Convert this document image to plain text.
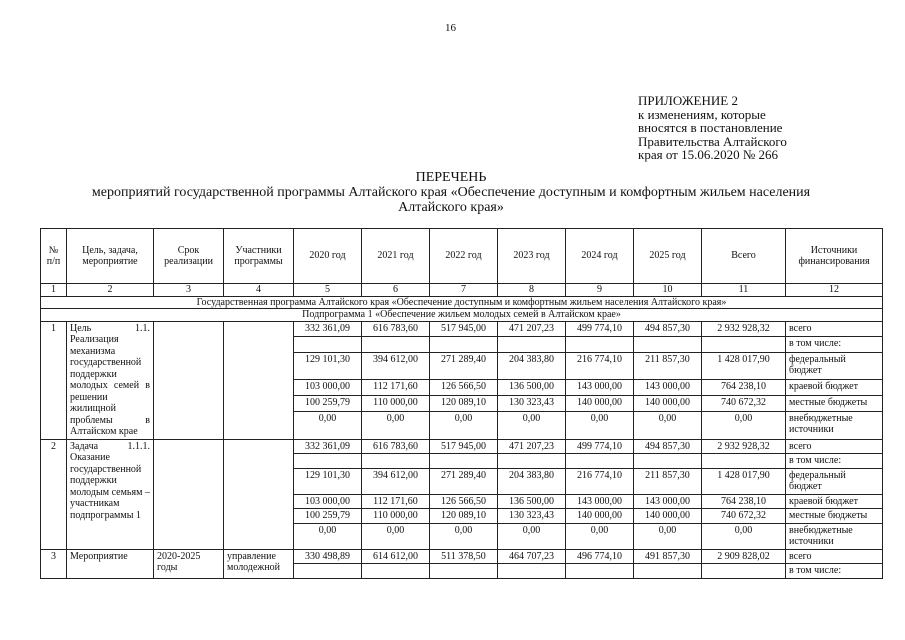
16
ПРИЛОЖЕНИЕ 2
к изменениям, которые
вносятся в постановление
Правительства Алтайского
края от 15.06.2020 № 266
ПЕРЕЧЕНЬ
мероприятий государственной программы Алтайского края «Обеспечение доступным и комфортным жильем населения
Алтайского края»
№ п/п	Цель, задача, мероприятие	Срок реализации	Участники программы	2020 год	2021 год	2022 год	2023 год	2024 год	2025 год	Всего	Источники финансирования
1	2	3	4	5	6	7	8	9	10	11	12
Государственная программа Алтайского края «Обеспечение доступным и комфортным жильем населения Алтайского края»											
Подпрограмма 1 «Обеспечение жильем молодых семей в Алтайском крае»											
1	Цель 1.1. Реализация механизма государственной поддержки молодых семей в решении жилищной проблемы в Алтайском крае			332 361,09	616 783,60	517 945,00	471 207,23	499 774,10	494 857,30	2 932 928,32	всего
											в том числе:
				129 101,30	394 612,00	271 289,40	204 383,80	216 774,10	211 857,30	1 428 017,90	федеральный бюджет
				103 000,00	112 171,60	126 566,50	136 500,00	143 000,00	143 000,00	764 238,10	краевой бюджет
				100 259,79	110 000,00	120 089,10	130 323,43	140 000,00	140 000,00	740 672,32	местные бюджеты
				0,00	0,00	0,00	0,00	0,00	0,00	0,00	внебюджетные источники
2	Задача 1.1.1. Оказание государственной поддержки молодым семьям – участникам подпрограммы 1			332 361,09	616 783,60	517 945,00	471 207,23	499 774,10	494 857,30	2 932 928,32	всего
											в том числе:
				129 101,30	394 612,00	271 289,40	204 383,80	216 774,10	211 857,30	1 428 017,90	федеральный бюджет
				103 000,00	112 171,60	126 566,50	136 500,00	143 000,00	143 000,00	764 238,10	краевой бюджет
				100 259,79	110 000,00	120 089,10	130 323,43	140 000,00	140 000,00	740 672,32	местные бюджеты
				0,00	0,00	0,00	0,00	0,00	0,00	0,00	внебюджетные источники
3	Мероприятие	2020-2025 годы	управление молодежной	330 498,89	614 612,00	511 378,50	464 707,23	496 774,10	491 857,30	2 909 828,02	всего
											в том числе:
